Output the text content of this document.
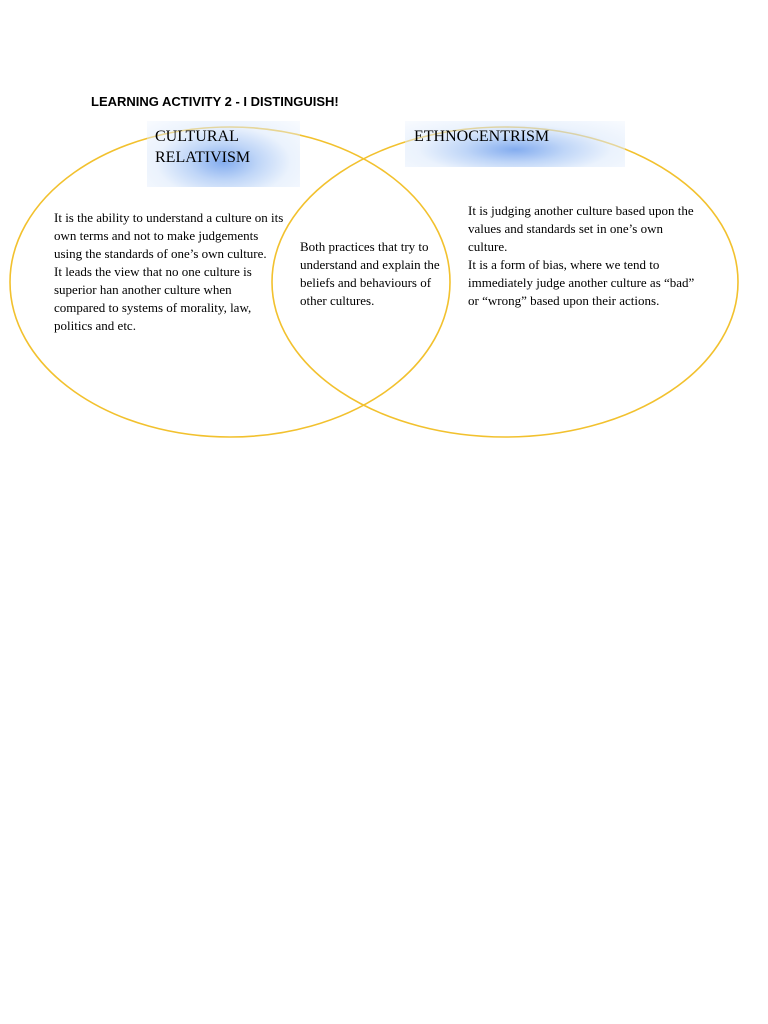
LEARNING ACTIVITY 2 - I DISTINGUISH!
CULTURAL
RELATIVISM
ETHNOCENTRISM

It is the ability to understand a culture on its own terms and not to make judgements using the standards of one’s own culture.

It leads the view that no one culture is superior han another culture when compared to systems of morality, law, politics and etc.

Both practices that try to understand and explain the beliefs and behaviours of other cultures.

It is judging another culture based upon the values and standards set in one’s own culture.

It is a form of bias, where we tend to immediately judge another culture as “bad” or “wrong” based upon their actions.
